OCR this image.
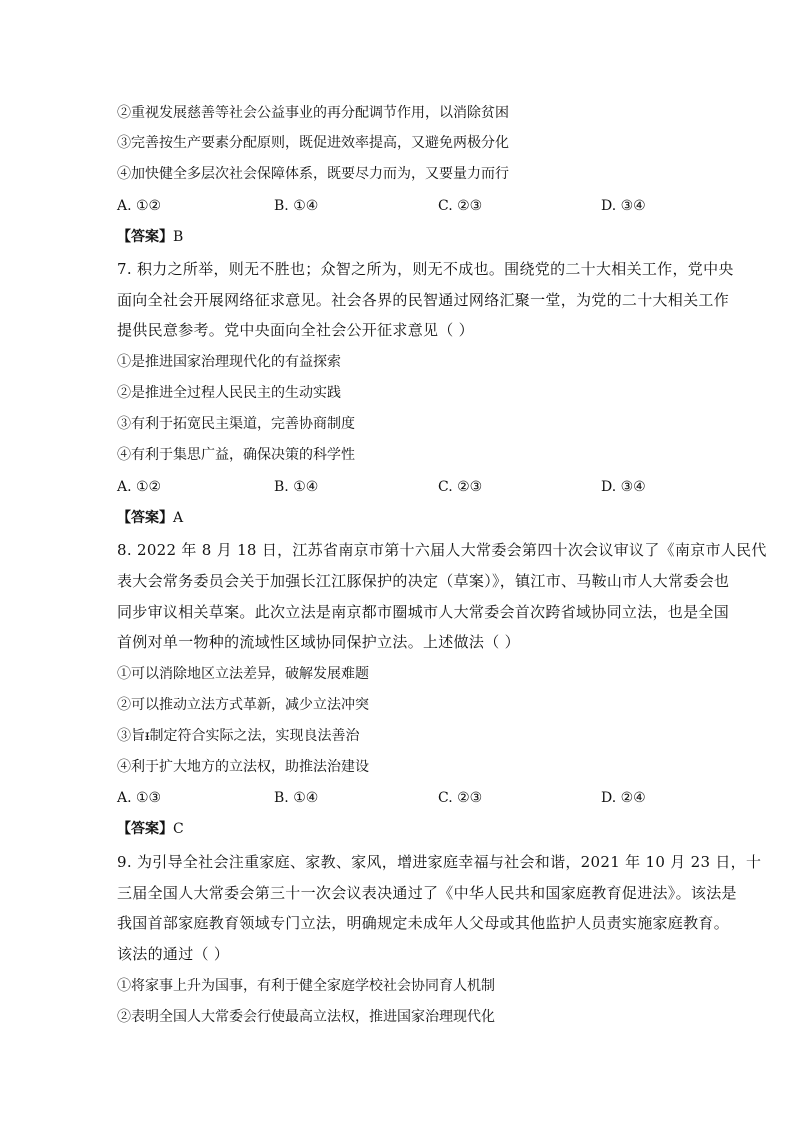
②重视发展慈善等社会公益事业的再分配调节作用，以消除贫困
③完善按生产要素分配原则，既促进效率提高，又避免两极分化
④加快健全多层次社会保障体系，既要尽力而为，又要量力而行
A. ①②	B. ①④	C. ②③	D. ③④
【答案】B
7. 积力之所举，则无不胜也；众智之所为，则无不成也。围绕党的二十大相关工作，党中央
面向全社会开展网络征求意见。社会各界的民智通过网络汇聚一堂，为党的二十大相关工作
提供民意参考。党中央面向全社会公开征求意见（ ）
①是推进国家治理现代化的有益探索
②是推进全过程人民民主的生动实践
③有利于拓宽民主渠道，完善协商制度
④有利于集思广益，确保决策的科学性
A. ①②	B. ①④	C. ②③	D. ③④
【答案】A
8. 2022 年 8 月 18 日，江苏省南京市第十六届人大常委会第四十次会议审议了《南京市人民代
表大会常务委员会关于加强长江江豚保护的决定（草案）》，镇江市、马鞍山市人大常委会也
同步审议相关草案。此次立法是南京都市圈城市人大常委会首次跨省域协同立法，也是全国
首例对单一物种的流域性区域协同保护立法。上述做法（ ）
①可以消除地区立法差异，破解发展难题
②可以推动立法方式革新，减少立法冲突
③旨ᵻ制定符合实际之法，实现良法善治
④利于扩大地方的立法权，助推法治建设
A. ①③	B. ①④	C. ②③	D. ②④
【答案】C
9. 为引导全社会注重家庭、家教、家风，增进家庭幸福与社会和谐，2021 年 10 月 23 日，十
三届全国人大常委会第三十一次会议表决通过了《中华人民共和国家庭教育促进法》。该法是
我国首部家庭教育领域专门立法，明确规定未成年人父母或其他监护人员责实施家庭教育。
该法的通过（ ）
①将家事上升为国事，有利于健全家庭学校社会协同育人机制
②表明全国人大常委会行使最高立法权，推进国家治理现代化
